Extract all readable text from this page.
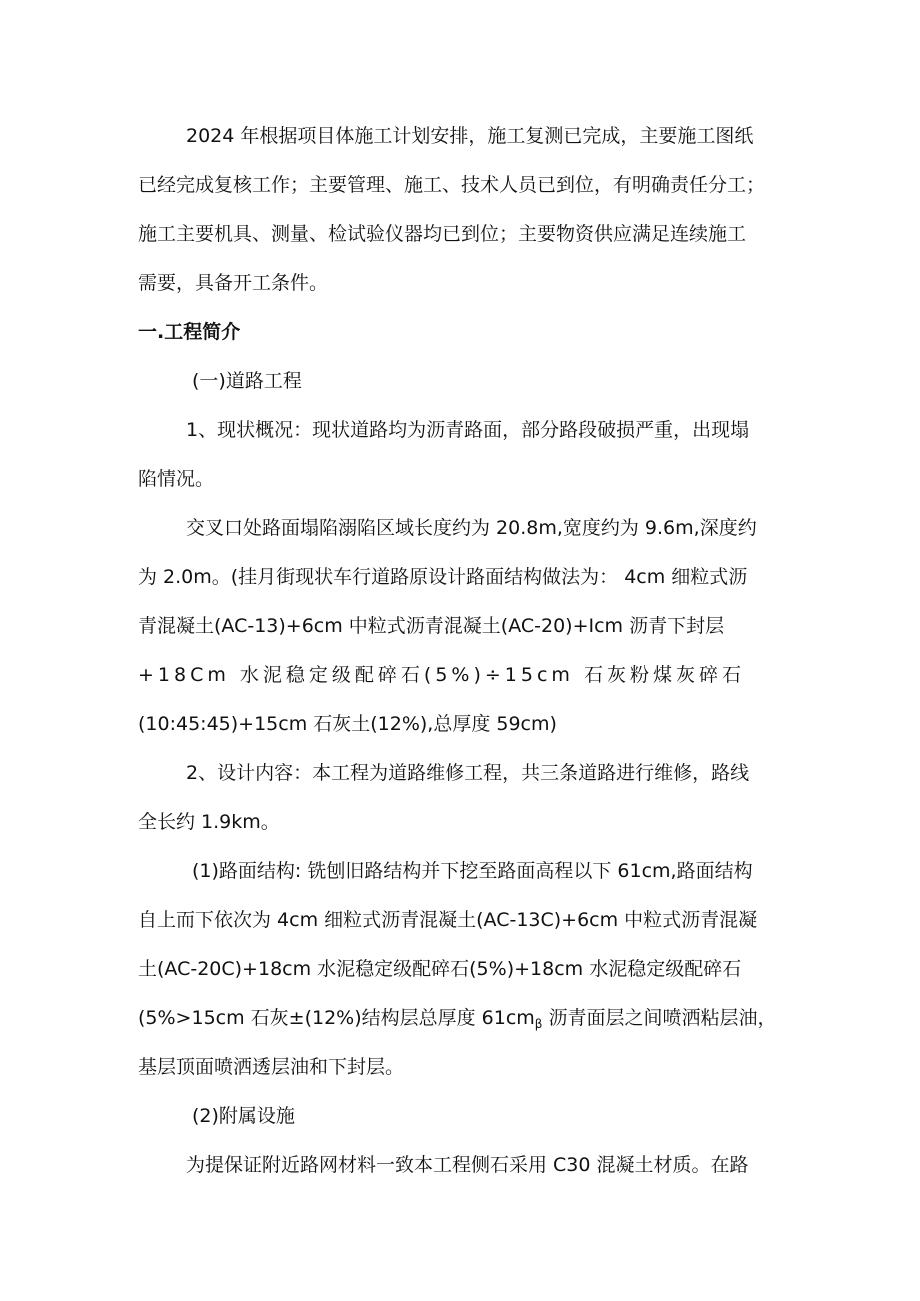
2024 年根据项目体施工计划安排，施工复测已完成，主要施工图纸
已经完成复核工作；主要管理、施工、技术人员已到位，有明确责任分工；
施工主要机具、测量、检试验仪器均已到位；主要物资供应满足连续施工
需要，具备开工条件。
一.工程简介
(一)道路工程
1、现状概况：现状道路均为沥青路面，部分路段破损严重，出现塌
陷情况。
交叉口处路面塌陷溺陷区域长度约为 20.8m,宽度约为 9.6m,深度约
为 2.0m。(挂月街现状车行道路原设计路面结构做法为： 4cm 细粒式沥
青混凝土(AC-13)+6cm 中粒式沥青混凝土(AC-20)+Icm 沥青下封层
+18Cm 水泥稳定级配碎石(5%)÷15cm 石灰粉煤灰碎石
(10:45:45)+15cm 石灰土(12%),总厚度 59cm)
2、设计内容：本工程为道路维修工程，共三条道路进行维修，路线
全长约 1.9km。
(1)路面结构: 铣刨旧路结构并下挖至路面高程以下 61cm,路面结构
自上而下依次为 4cm 细粒式沥青混凝土(AC-13C)+6cm 中粒式沥青混凝
土(AC-20C)+18cm 水泥稳定级配碎石(5%)+18cm 水泥稳定级配碎石
(5%>15cm 石灰±(12%)结构层总厚度 $61cm_\beta$ 沥青面层之间喷洒粘层油，
基层顶面喷洒透层油和下封层。
(2)附属设施
为提保证附近路网材料一致本工程侧石采用 C30 混凝土材质。在路
